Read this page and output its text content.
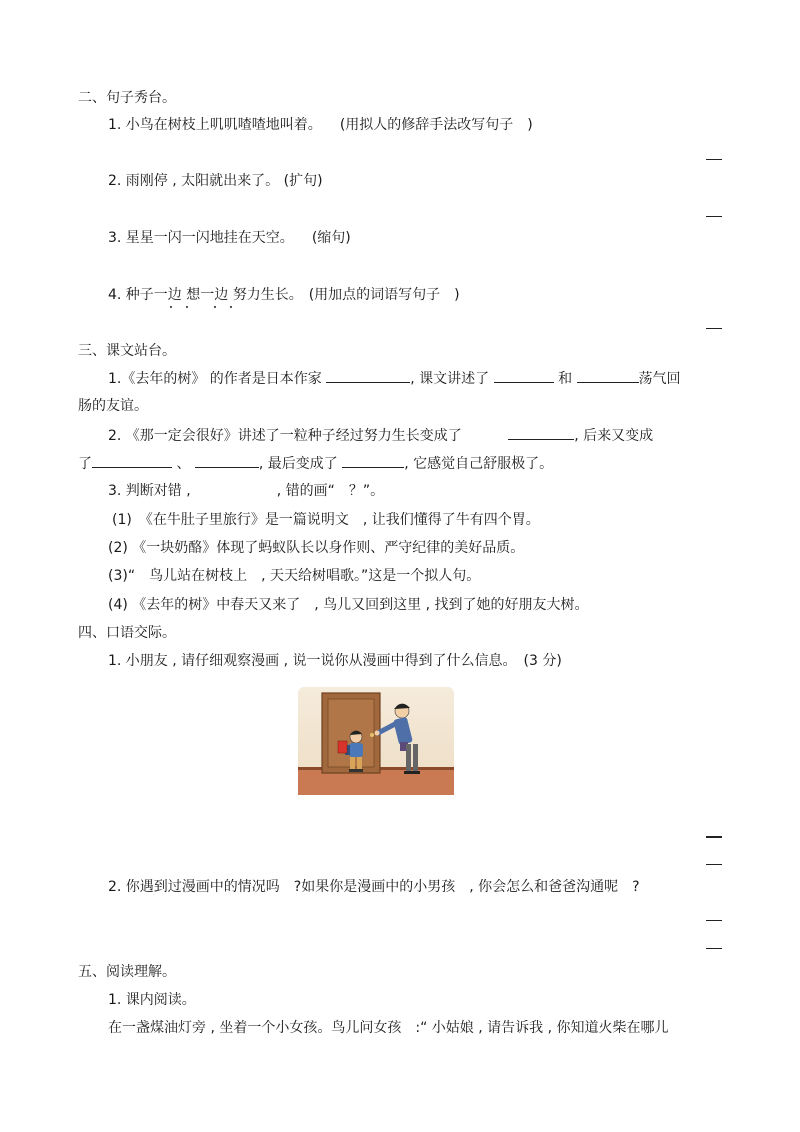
二、句子秀台。
1. 小鸟在树枝上叽叽喳喳地叫着。 (用拟人的修辞手法改写句子　)
2. 雨刚停 , 太阳就出来了。 (扩句)
3. 星星一闪一闪地挂在天空。 (缩句)
4. 种子一边 想一边 努力生长。 (用加点的词语写句子　)
三、课文站台。
1.《去年的树》 的作者是日本作家	, 课文讲述了	和	荡气回
肠的友谊。
2. 《那一定会很好》讲述了一粒种子经过努力生长变成了	, 后来又变成
了	、	, 最后变成了	, 它感觉自己舒服极了。
3. 判断对错 ,	, 错的画“　？”。
(1)　《在牛肚子里旅行》是一篇说明文　, 让我们懂得了牛有四个胃。
(2) 《一块奶酪》体现了蚂蚁队长以身作则、严守纪律的美好品质。
(3)“　鸟儿站在树枝上　, 天天给树唱歌。”这是一个拟人句。
(4) 《去年的树》中春天又来了　, 鸟儿又回到这里 , 找到了她的好朋友大树。
四、口语交际。
1. 小朋友 , 请仔细观察漫画 , 说一说你从漫画中得到了什么信息。　(3 分)
2. 你遇到过漫画中的情况吗　?如果你是漫画中的小男孩　, 你会怎么和爸爸沟通呢　?
五、阅读理解。
1. 课内阅读。
在一盏煤油灯旁 , 坐着一个小女孩。鸟儿问女孩　:“ 小姑娘 , 请告诉我 , 你知道火柴在哪儿
